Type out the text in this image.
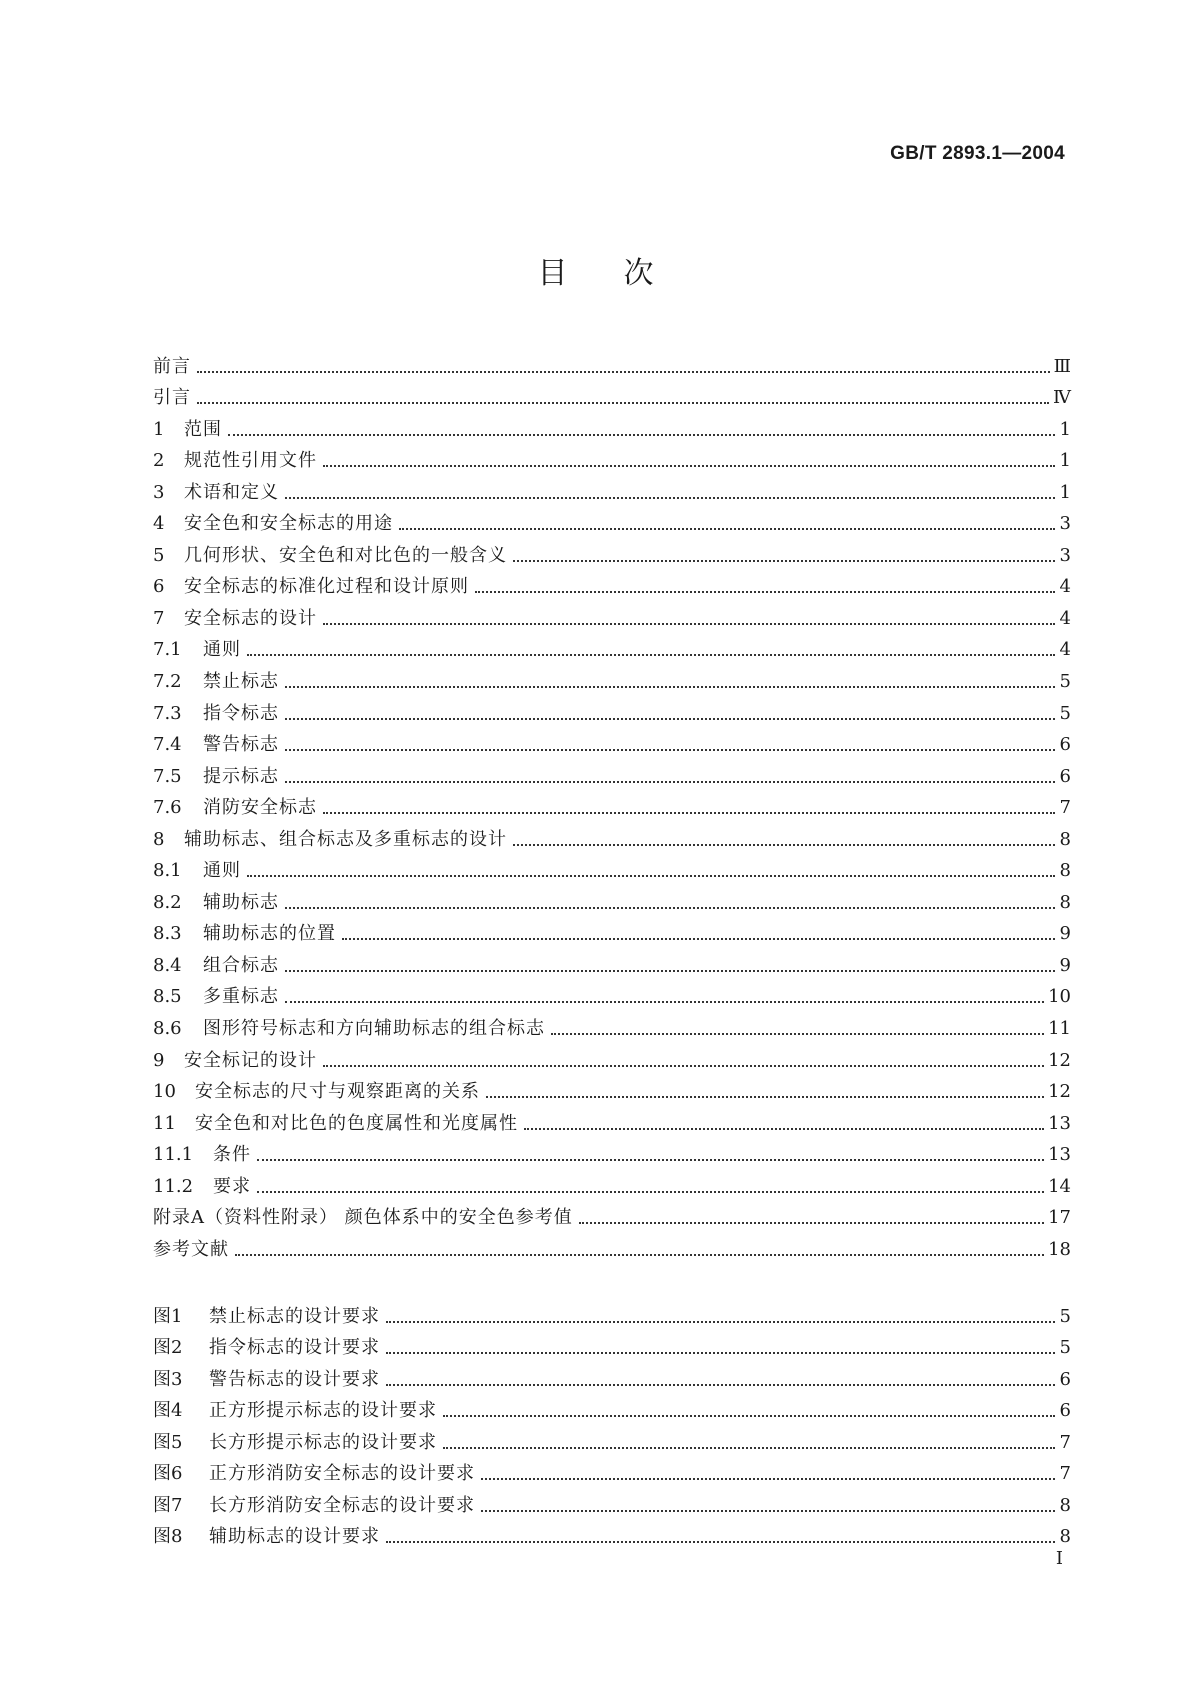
GB/T 2893.1—2004
目次
前言	Ⅲ
引言	Ⅳ
1	范围	1
2	规范性引用文件	1
3	术语和定义	1
4	安全色和安全标志的用途	3
5	几何形状、安全色和对比色的一般含义	3
6	安全标志的标准化过程和设计原则	4
7	安全标志的设计	4
7.1	通则	4
7.2	禁止标志	5
7.3	指令标志	5
7.4	警告标志	6
7.5	提示标志	6
7.6	消防安全标志	7
8	辅助标志、组合标志及多重标志的设计	8
8.1	通则	8
8.2	辅助标志	8
8.3	辅助标志的位置	9
8.4	组合标志	9
8.5	多重标志	10
8.6	图形符号标志和方向辅助标志的组合标志	11
9	安全标记的设计	12
10	安全标志的尺寸与观察距离的关系	12
11	安全色和对比色的色度属性和光度属性	13
11.1	条件	13
11.2	要求	14
附录A（资料性附录） 颜色体系中的安全色参考值	17
参考文献	18
图1	禁止标志的设计要求	5
图2	指令标志的设计要求	5
图3	警告标志的设计要求	6
图4	正方形提示标志的设计要求	6
图5	长方形提示标志的设计要求	7
图6	正方形消防安全标志的设计要求	7
图7	长方形消防安全标志的设计要求	8
图8	辅助标志的设计要求	8
I
